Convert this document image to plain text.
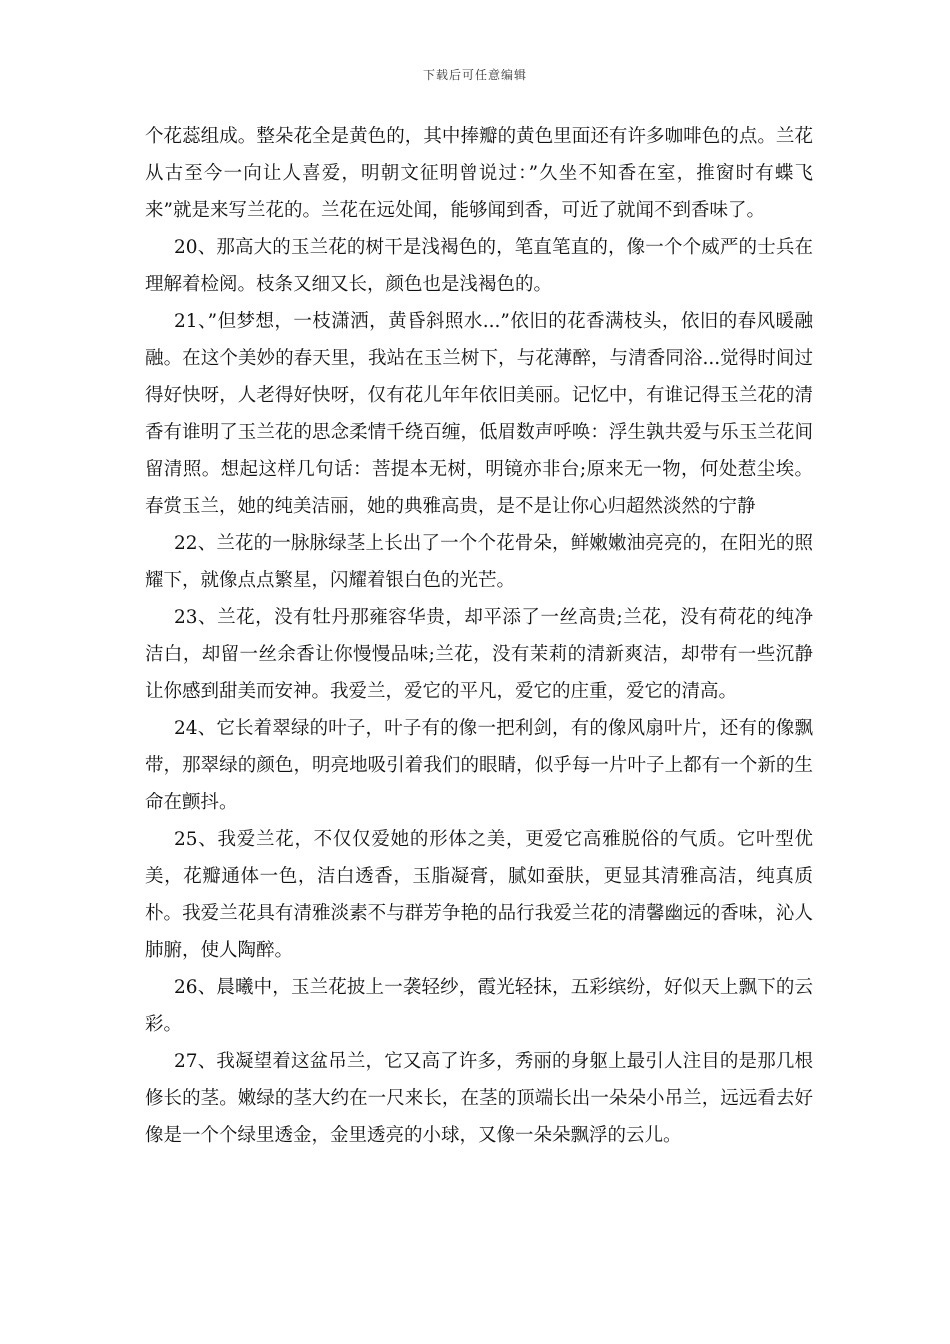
下载后可任意编辑

个花蕊组成。整朵花全是黄色的，其中捧瓣的黄色里面还有许多咖啡色的点。兰花从古至今一向让人喜爱，明朝文征明曾说过：”久坐不知香在室，推窗时有蝶飞来”就是来写兰花的。兰花在远处闻，能够闻到香，可近了就闻不到香味了。

20、那高大的玉兰花的树干是浅褐色的，笔直笔直的，像一个个威严的士兵在理解着检阅。枝条又细又长，颜色也是浅褐色的。

21、”但梦想，一枝潇洒，黄昏斜照水...”依旧的花香满枝头，依旧的春风暖融融。在这个美妙的春天里，我站在玉兰树下，与花薄醉，与清香同浴...觉得时间过得好快呀，人老得好快呀，仅有花儿年年依旧美丽。记忆中，有谁记得玉兰花的清香有谁明了玉兰花的思念柔情千绕百缠，低眉数声呼唤：浮生孰共爱与乐玉兰花间留清照。想起这样几句话：菩提本无树，明镜亦非台;原来无一物，何处惹尘埃。春赏玉兰，她的纯美洁丽，她的典雅高贵，是不是让你心归超然淡然的宁静

22、兰花的一脉脉绿茎上长出了一个个花骨朵，鲜嫩嫩油亮亮的，在阳光的照耀下，就像点点繁星，闪耀着银白色的光芒。

23、兰花，没有牡丹那雍容华贵，却平添了一丝高贵;兰花，没有荷花的纯净洁白，却留一丝余香让你慢慢品味;兰花，没有茉莉的清新爽洁，却带有一些沉静让你感到甜美而安神。我爱兰，爱它的平凡，爱它的庄重，爱它的清高。

24、它长着翠绿的叶子，叶子有的像一把利剑，有的像风扇叶片，还有的像飘带，那翠绿的颜色，明亮地吸引着我们的眼睛，似乎每一片叶子上都有一个新的生命在颤抖。

25、我爱兰花，不仅仅爱她的形体之美，更爱它高雅脱俗的气质。它叶型优美，花瓣通体一色，洁白透香，玉脂凝膏，腻如蚕肤，更显其清雅高洁，纯真质朴。我爱兰花具有清雅淡素不与群芳争艳的品行我爱兰花的清馨幽远的香味，沁人肺腑，使人陶醉。

26、晨曦中，玉兰花披上一袭轻纱，霞光轻抹，五彩缤纷，好似天上飘下的云彩。

27、我凝望着这盆吊兰，它又高了许多，秀丽的身躯上最引人注目的是那几根修长的茎。嫩绿的茎大约在一尺来长，在茎的顶端长出一朵朵小吊兰，远远看去好像是一个个绿里透金，金里透亮的小球，又像一朵朵飘浮的云儿。
